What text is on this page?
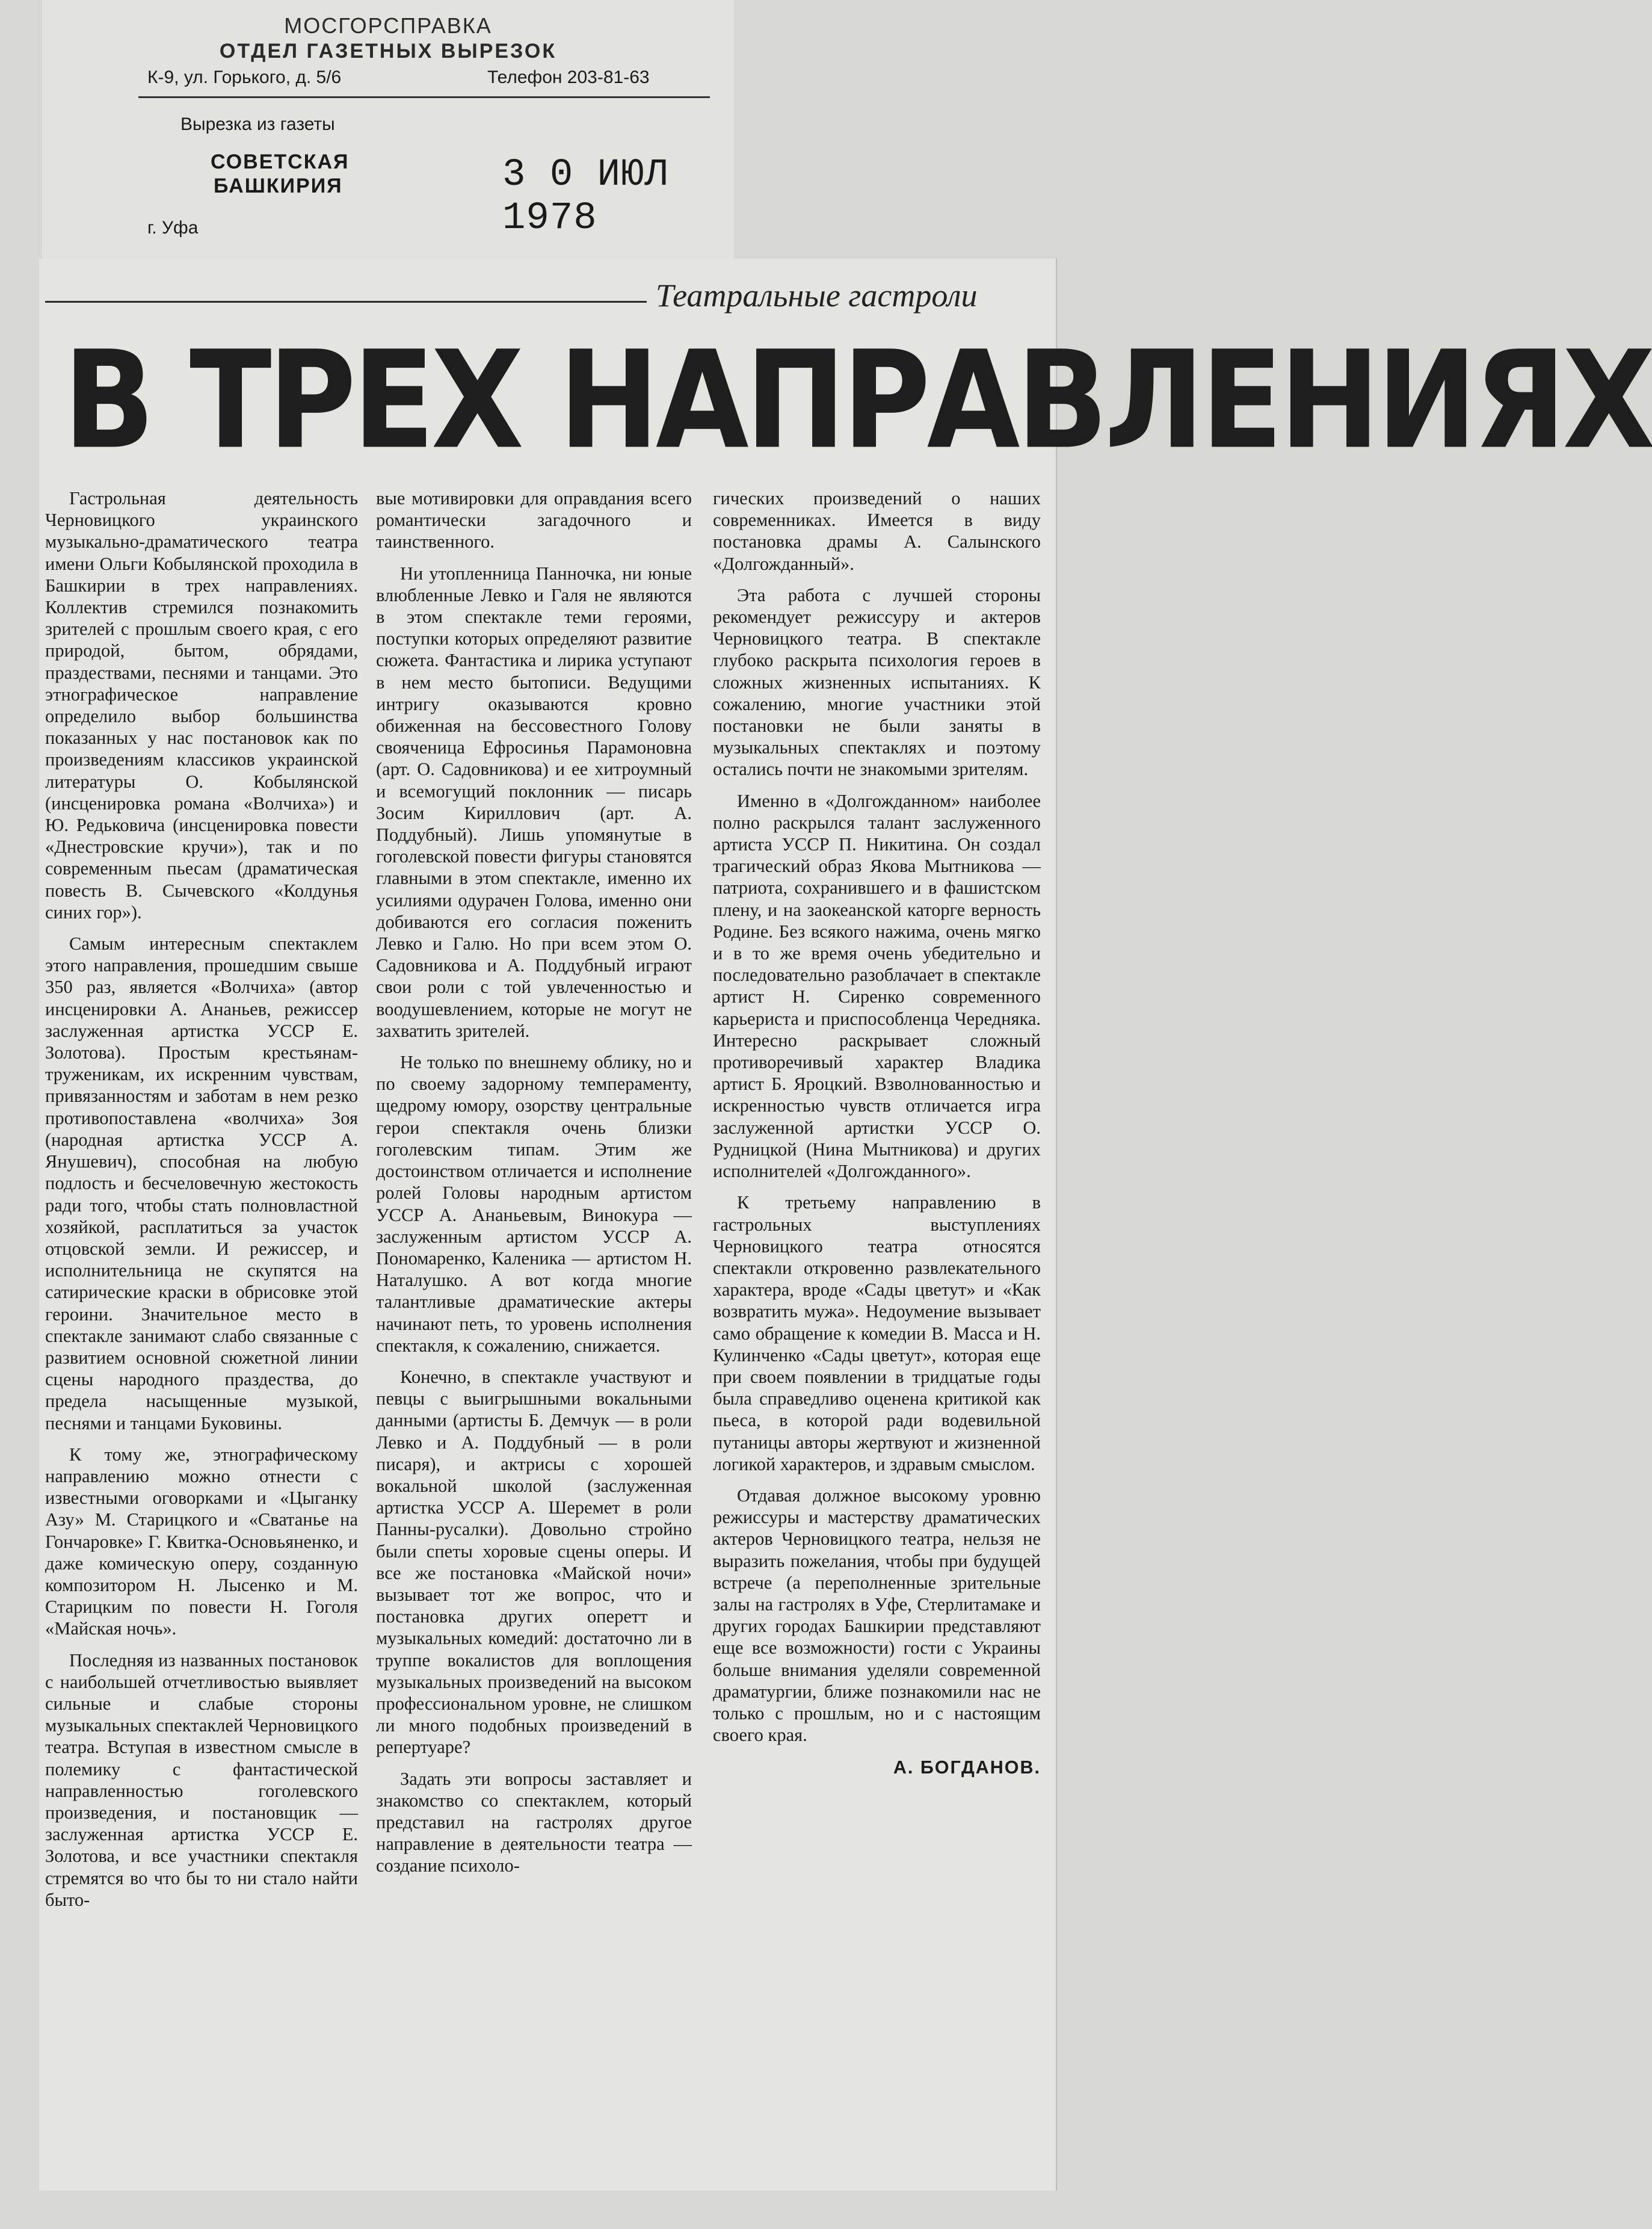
МОСГОРСПРАВКА
ОТДЕЛ ГАЗЕТНЫХ ВЫРЕЗОК
К-9, ул. Горького, д. 5/6	Телефон 203-81-63
Вырезка из газеты
СОВЕТСКАЯ
БАШКИРИЯ	3 0 ИЮЛ 1978
г. Уфа
Театральные гастроли
В ТРЕХ НАПРАВЛЕНИЯХ

Гастрольная деятельность Черновицкого украинского музыкально-драматического театра имени Ольги Кобылянской проходила в Башкирии в трех направлениях. Коллектив стремился познакомить зрителей с прошлым своего края, с его природой, бытом, обрядами, праздествами, песнями и танцами. Это этнографическое направление определило выбор большинства показанных у нас постановок как по произведениям классиков украинской литературы О. Кобылянской (инсценировка романа «Волчиха») и Ю. Редьковича (инсценировка повести «Днестровские кручи»), так и по современным пьесам (драматическая повесть В. Сычевского «Колдунья синих гор»).

Самым интересным спектаклем этого направления, прошедшим свыше 350 раз, является «Волчиха» (автор инсценировки А. Ананьев, режиссер заслуженная артистка УССР Е. Золотова). Простым крестьянам-труженикам, их искренним чувствам, привязанностям и заботам в нем резко противопоставлена «волчиха» Зоя (народная артистка УССР А. Янушевич), способная на любую подлость и бесчеловечную жестокость ради того, чтобы стать полновластной хозяйкой, расплатиться за участок отцовской земли. И режиссер, и исполнительница не скупятся на сатирические краски в обрисовке этой героини. Значительное место в спектакле занимают слабо связанные с развитием основной сюжетной линии сцены народного праздества, до предела насыщенные музыкой, песнями и танцами Буковины.

К тому же, этнографическому направлению можно отнести с известными оговорками и «Цыганку Азу» М. Старицкого и «Сватанье на Гончаровке» Г. Квитка-Основьяненко, и даже комическую оперу, созданную композитором Н. Лысенко и М. Старицким по повести Н. Гоголя «Майская ночь».

Последняя из названных постановок с наибольшей отчетливостью выявляет сильные и слабые стороны музыкальных спектаклей Черновицкого театра. Вступая в известном смысле в полемику с фантастической направленностью гоголевского произведения, и постановщик — заслуженная артистка УССР Е. Золотова, и все участники спектакля стремятся во что бы то ни стало найти быто-

вые мотивировки для оправдания всего романтически загадочного и таинственного.

Ни утопленница Панночка, ни юные влюбленные Левко и Галя не являются в этом спектакле теми героями, поступки которых определяют развитие сюжета. Фантастика и лирика уступают в нем место бытописи. Ведущими интригу оказываются кровно обиженная на бессовестного Голову свояченица Ефросинья Парамоновна (арт. О. Садовникова) и ее хитроумный и всемогущий поклонник — писарь Зосим Кириллович (арт. А. Поддубный). Лишь упомянутые в гоголевской повести фигуры становятся главными в этом спектакле, именно их усилиями одурачен Голова, именно они добиваются его согласия поженить Левко и Галю. Но при всем этом О. Садовникова и А. Поддубный играют свои роли с той увлеченностью и воодушевлением, которые не могут не захватить зрителей.

Не только по внешнему облику, но и по своему задорному темпераменту, щедрому юмору, озорству центральные герои спектакля очень близки гоголевским типам. Этим же достоинством отличается и исполнение ролей Головы народным артистом УССР А. Ананьевым, Винокура — заслуженным артистом УССР А. Пономаренко, Каленика — артистом Н. Наталушко. А вот когда многие талантливые драматические актеры начинают петь, то уровень исполнения спектакля, к сожалению, снижается.

Конечно, в спектакле участвуют и певцы с выигрышными вокальными данными (артисты Б. Демчук — в роли Левко и А. Поддубный — в роли писаря), и актрисы с хорошей вокальной школой (заслуженная артистка УССР А. Шеремет в роли Панны-русалки). Довольно стройно были спеты хоровые сцены оперы. И все же постановка «Майской ночи» вызывает тот же вопрос, что и постановка других оперетт и музыкальных комедий: достаточно ли в труппе вокалистов для воплощения музыкальных произведений на высоком профессиональном уровне, не слишком ли много подобных произведений в репертуаре?

Задать эти вопросы заставляет и знакомство со спектаклем, который представил на гастролях другое направление в деятельности театра — создание психоло-

гических произведений о наших современниках. Имеется в виду постановка драмы А. Салынского «Долгожданный».

Эта работа с лучшей стороны рекомендует режиссуру и актеров Черновицкого театра. В спектакле глубоко раскрыта психология героев в сложных жизненных испытаниях. К сожалению, многие участники этой постановки не были заняты в музыкальных спектаклях и поэтому остались почти не знакомыми зрителям.

Именно в «Долгожданном» наиболее полно раскрылся талант заслуженного артиста УССР П. Никитина. Он создал трагический образ Якова Мытникова — патриота, сохранившего и в фашистском плену, и на заокеанской каторге верность Родине. Без всякого нажима, очень мягко и в то же время очень убедительно и последовательно разоблачает в спектакле артист Н. Сиренко современного карьериста и приспособленца Чередняка. Интересно раскрывает сложный противоречивый характер Владика артист Б. Яроцкий. Взволнованностью и искренностью чувств отличается игра заслуженной артистки УССР О. Рудницкой (Нина Мытникова) и других исполнителей «Долгожданного».

К третьему направлению в гастрольных выступлениях Черновицкого театра относятся спектакли откровенно развлекательного характера, вроде «Сады цветут» и «Как возвратить мужа». Недоумение вызывает само обращение к комедии В. Масса и Н. Кулинченко «Сады цветут», которая еще при своем появлении в тридцатые годы была справедливо оценена критикой как пьеса, в которой ради водевильной путаницы авторы жертвуют и жизненной логикой характеров, и здравым смыслом.

Отдавая должное высокому уровню режиссуры и мастерству драматических актеров Черновицкого театра, нельзя не выразить пожелания, чтобы при будущей встрече (а переполненные зрительные залы на гастролях в Уфе, Стерлитамаке и других городах Башкирии представляют еще все возможности) гости с Украины больше внимания уделяли современной драматургии, ближе познакомили нас не только с прошлым, но и с настоящим своего края.

А. БОГДАНОВ.
